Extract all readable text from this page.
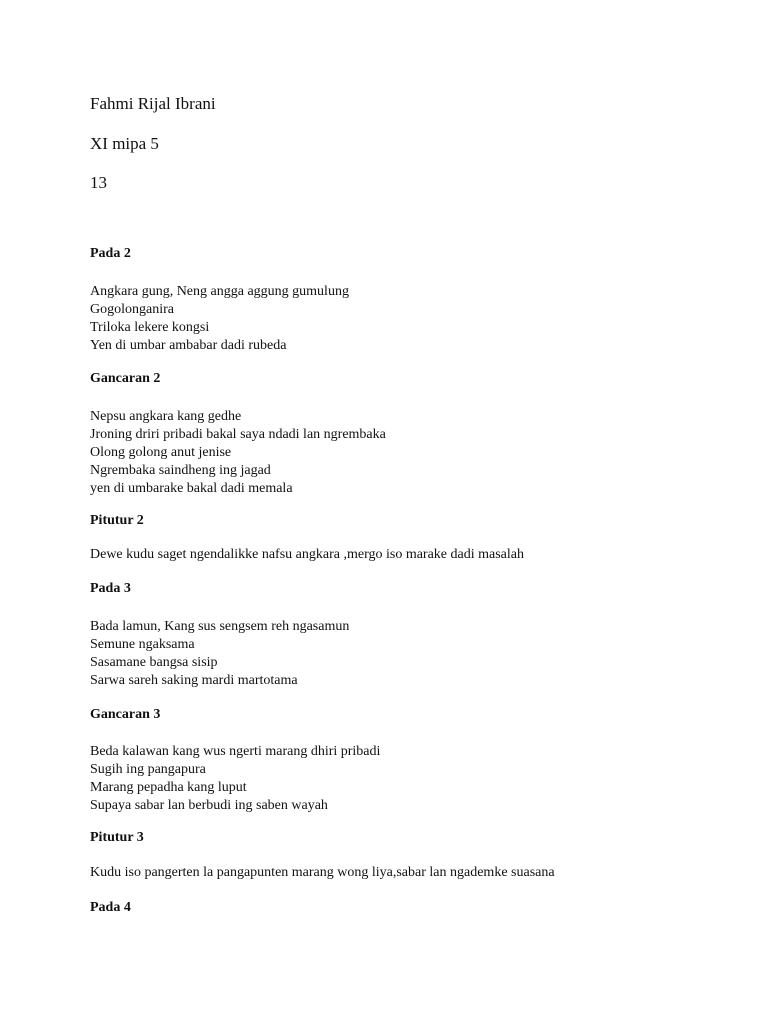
Fahmi Rijal Ibrani
XI mipa 5
13
Pada 2
Angkara gung, Neng angga aggung gumulung
Gogolonganira
Triloka lekere kongsi
Yen di umbar ambabar dadi rubeda
Gancaran 2
Nepsu angkara kang gedhe
Jroning driri pribadi bakal saya ndadi lan ngrembaka
Olong golong anut jenise
Ngrembaka saindheng ing jagad
yen di umbarake bakal dadi memala
Pitutur 2
Dewe kudu saget ngendalikke nafsu angkara ,mergo iso marake dadi masalah
Pada 3
Bada lamun, Kang sus sengsem reh ngasamun
Semune ngaksama
Sasamane bangsa sisip
Sarwa sareh saking mardi martotama
Gancaran 3
Beda kalawan kang wus ngerti marang dhiri pribadi
Sugih ing pangapura
Marang pepadha kang luput
Supaya sabar lan berbudi ing saben wayah
Pitutur 3
Kudu iso pangerten la pangapunten marang wong liya,sabar lan ngademke suasana
Pada 4
